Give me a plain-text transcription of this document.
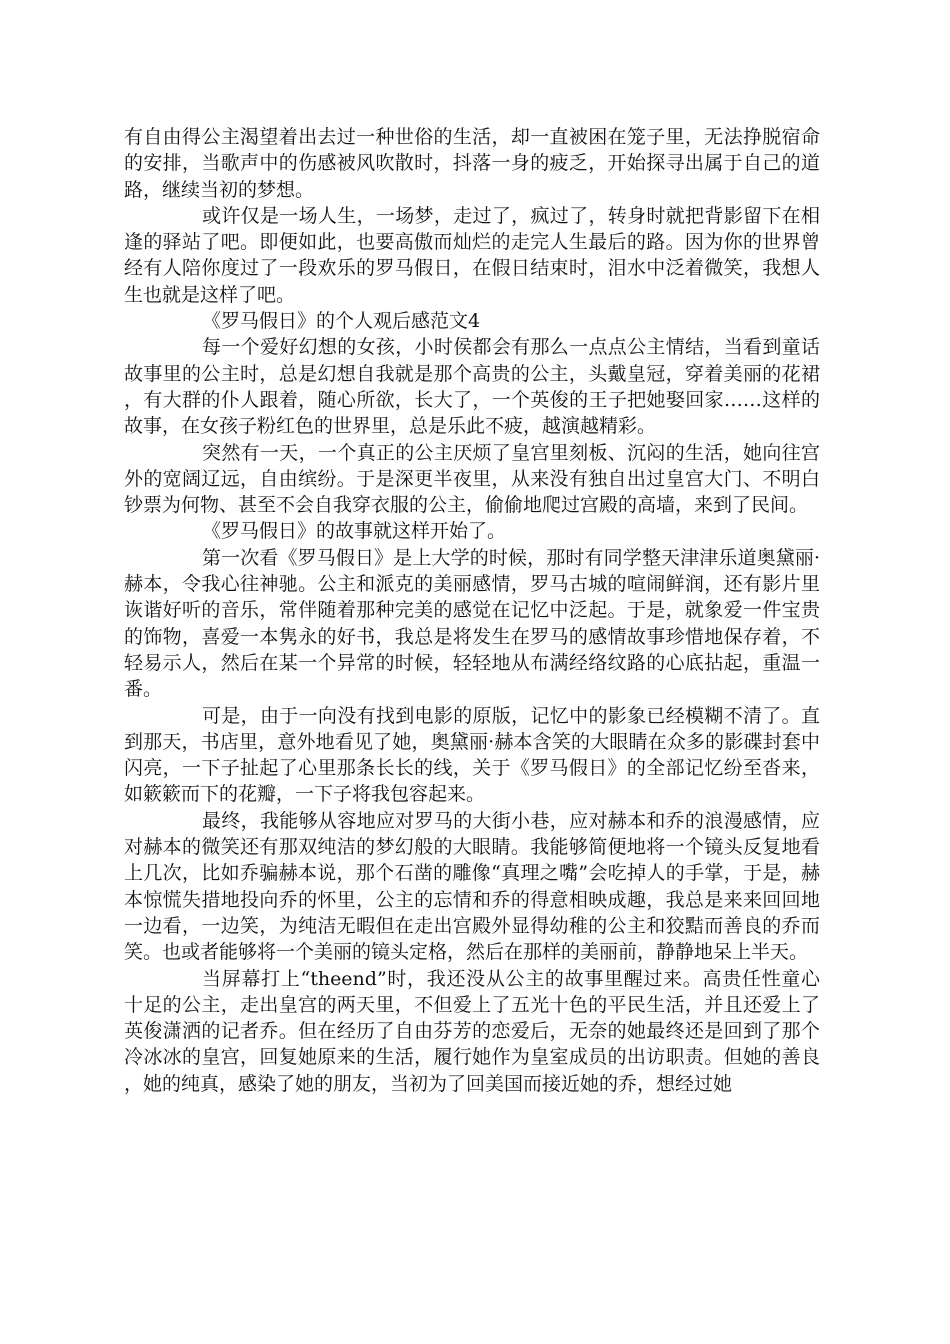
有自由得公主渴望着出去过一种世俗的生活，却一直被困在笼子里，无法挣脱宿命的安排，当歌声中的伤感被风吹散时，抖落一身的疲乏，开始探寻出属于自己的道路，继续当初的梦想。

或许仅是一场人生，一场梦，走过了，疯过了，转身时就把背影留下在相逢的驿站了吧。即便如此，也要高傲而灿烂的走完人生最后的路。因为你的世界曾经有人陪你度过了一段欢乐的罗马假日，在假日结束时，泪水中泛着微笑，我想人生也就是这样了吧。

《罗马假日》的个人观后感范文4

每一个爱好幻想的女孩，小时侯都会有那么一点点公主情结，当看到童话故事里的公主时，总是幻想自我就是那个高贵的公主，头戴皇冠，穿着美丽的花裙，有大群的仆人跟着，随心所欲，长大了，一个英俊的王子把她娶回家……这样的故事，在女孩子粉红色的世界里，总是乐此不疲，越演越精彩。

突然有一天，一个真正的公主厌烦了皇宫里刻板、沉闷的生活，她向往宫外的宽阔辽远，自由缤纷。于是深更半夜里，从来没有独自出过皇宫大门、不明白钞票为何物、甚至不会自我穿衣服的公主，偷偷地爬过宫殿的高墙，来到了民间。

《罗马假日》的故事就这样开始了。

第一次看《罗马假日》是上大学的时候，那时有同学整天津津乐道奥黛丽·赫本，令我心往神驰。公主和派克的美丽感情，罗马古城的喧闹鲜润，还有影片里诙谐好听的音乐，常伴随着那种完美的感觉在记忆中泛起。于是，就象爱一件宝贵的饰物，喜爱一本隽永的好书，我总是将发生在罗马的感情故事珍惜地保存着，不轻易示人，然后在某一个异常的时候，轻轻地从布满经络纹路的心底拈起，重温一番。

可是，由于一向没有找到电影的原版，记忆中的影象已经模糊不清了。直到那天，书店里，意外地看见了她，奥黛丽·赫本含笑的大眼睛在众多的影碟封套中闪亮，一下子扯起了心里那条长长的线，关于《罗马假日》的全部记忆纷至沓来，如簌簌而下的花瓣，一下子将我包容起来。

最终，我能够从容地应对罗马的大街小巷，应对赫本和乔的浪漫感情，应对赫本的微笑还有那双纯洁的梦幻般的大眼睛。我能够简便地将一个镜头反复地看上几次，比如乔骗赫本说，那个石凿的雕像“真理之嘴”会吃掉人的手掌，于是，赫本惊慌失措地投向乔的怀里，公主的忘情和乔的得意相映成趣，我总是来来回回地一边看，一边笑，为纯洁无暇但在走出宫殿外显得幼稚的公主和狡黠而善良的乔而笑。也或者能够将一个美丽的镜头定格，然后在那样的美丽前，静静地呆上半天。

当屏幕打上“theend”时，我还没从公主的故事里醒过来。高贵任性童心十足的公主，走出皇宫的两天里，不但爱上了五光十色的平民生活，并且还爱上了英俊潇洒的记者乔。但在经历了自由芬芳的恋爱后，无奈的她最终还是回到了那个冷冰冰的皇宫，回复她原来的生活，履行她作为皇室成员的出访职责。但她的善良，她的纯真，感染了她的朋友，当初为了回美国而接近她的乔，想经过她
